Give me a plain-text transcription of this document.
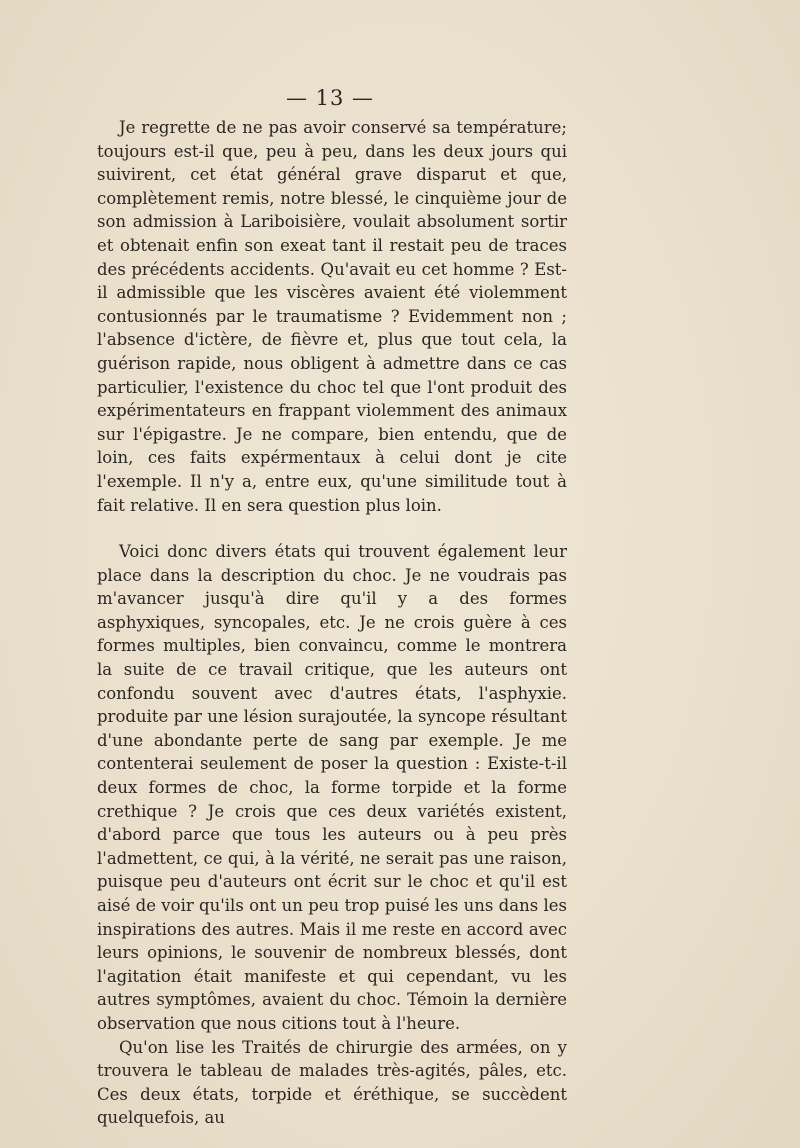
— 13 —

Je regrette de ne pas avoir conservé sa température; toujours est-il que, peu à peu, dans les deux jours qui suivirent, cet état général grave disparut et que, complètement remis, notre blessé, le cinquième jour de son admission à Lariboisière, voulait absolument sortir et obtenait enfin son exeat tant il restait peu de traces des précédents accidents. Qu'avait eu cet homme ? Est-il admissible que les viscères avaient été violemment contusionnés par le traumatisme ? Evidemment non ; l'absence d'ictère, de fièvre et, plus que tout cela, la guérison rapide, nous obligent à admettre dans ce cas particulier, l'existence du choc tel que l'ont produit des expérimentateurs en frappant violemment des animaux sur l'épigastre. Je ne compare, bien entendu, que de loin, ces faits expérmentaux à celui dont je cite l'exemple. Il n'y a, entre eux, qu'une similitude tout à fait relative. Il en sera question plus loin.

Voici donc divers états qui trouvent également leur place dans la description du choc. Je ne voudrais pas m'avancer jusqu'à dire qu'il y a des formes asphyxiques, syncopales, etc. Je ne crois guère à ces formes multiples, bien convaincu, comme le montrera la suite de ce travail critique, que les auteurs ont confondu souvent avec d'autres états, l'asphyxie. produite par une lésion surajoutée, la syncope résultant d'une abondante perte de sang par exemple. Je me contenterai seulement de poser la question : Existe-t-il deux formes de choc, la forme torpide et la forme crethique ? Je crois que ces deux variétés existent, d'abord parce que tous les auteurs ou à peu près l'admettent, ce qui, à la vérité, ne serait pas une raison, puisque peu d'auteurs ont écrit sur le choc et qu'il est aisé de voir qu'ils ont un peu trop puisé les uns dans les inspirations des autres. Mais il me reste en accord avec leurs opinions, le souvenir de nombreux blessés, dont l'agitation était manifeste et qui cependant, vu les autres symptômes, avaient du choc. Témoin la dernière observation que nous citions tout à l'heure.

Qu'on lise les Traités de chirurgie des armées, on y trouvera le tableau de malades très-agités, pâles, etc. Ces deux états, torpide et éréthique, se succèdent quelquefois, au
